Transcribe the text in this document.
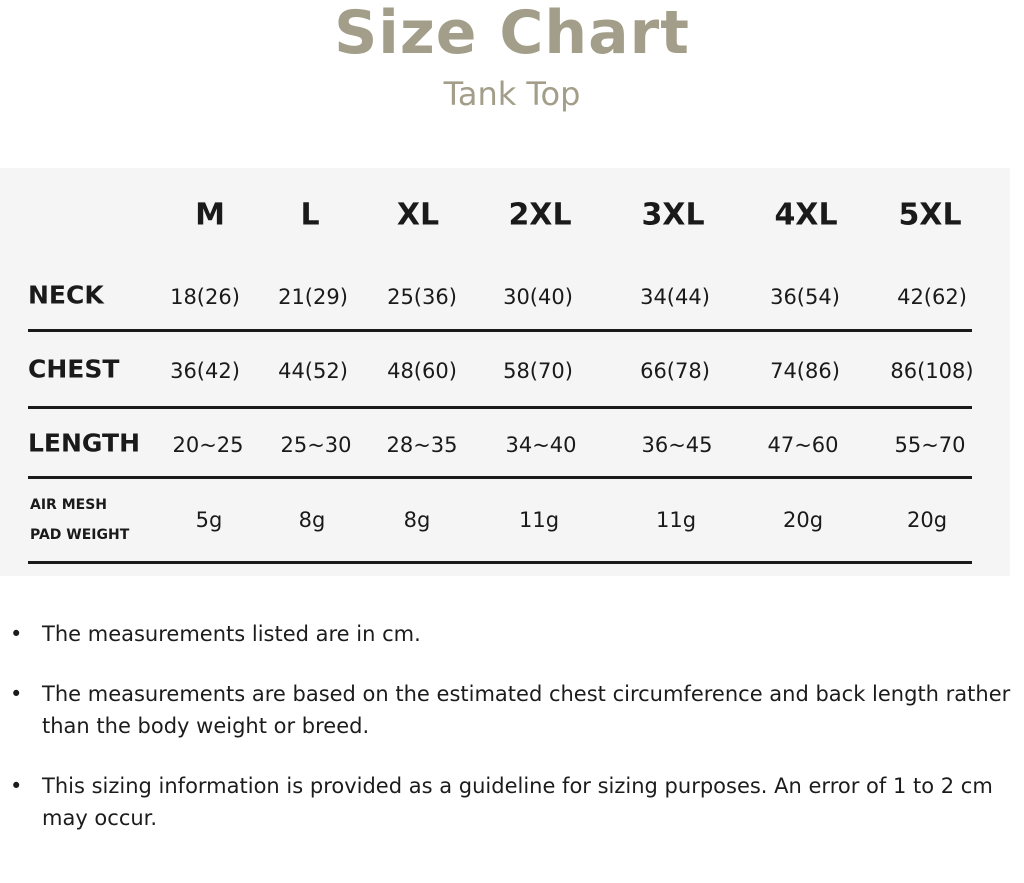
Size Chart
Tank Top
M	L	XL 2XL 3XL 4XL 5XL
NECK	18(26) 21(29) 25(36) 30(40)	34(44)	36(54)	42(62)
CHEST 36(42) 44(52) 48(60) 58(70)	66(78)	74(86) 86(108)
LENGTH 20~25 25~30 28~35 34~40	36~45	47~60	55~70
AIR MESH
PAD WEIGHT
5g	8g	8g	11g	11g	20g	20g
• The measurements listed are in cm.
• The measurements are based on the estimated chest circumference and back length rather than the body weight or breed.
• This sizing information is provided as a guideline for sizing purposes. An error of 1 to 2 cm may occur.
